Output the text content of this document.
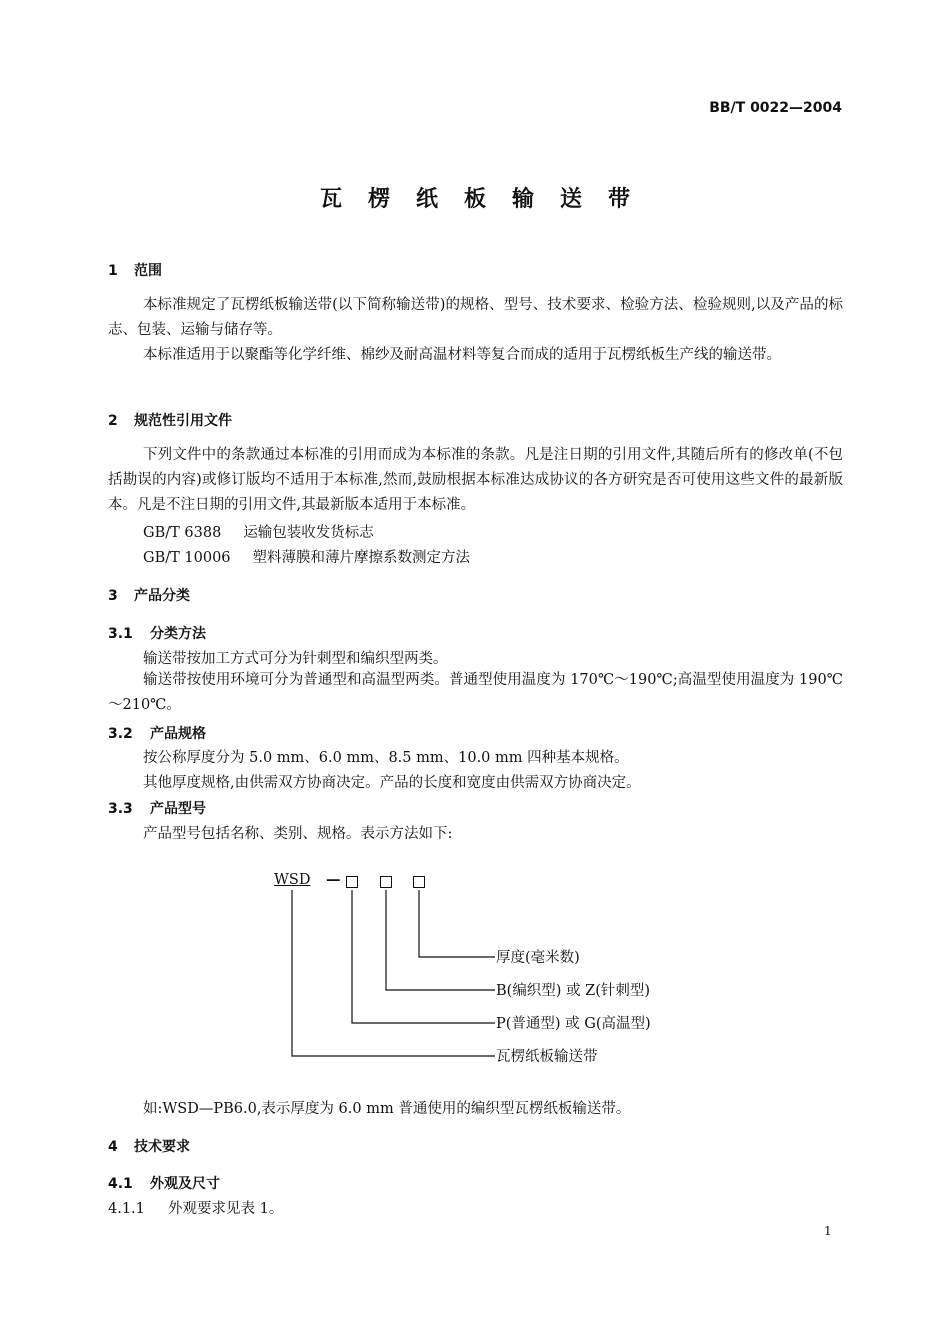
BB/T 0022—2004
瓦楞纸板输送带
1 范围
本标准规定了瓦楞纸板输送带(以下简称输送带)的规格、型号、技术要求、检验方法、检验规则,以及产品的标志、包装、运输与储存等。
本标准适用于以聚酯等化学纤维、棉纱及耐高温材料等复合而成的适用于瓦楞纸板生产线的输送带。
2 规范性引用文件
下列文件中的条款通过本标准的引用而成为本标准的条款。凡是注日期的引用文件,其随后所有的修改单(不包括勘误的内容)或修订版均不适用于本标准,然而,鼓励根据本标准达成协议的各方研究是否可使用这些文件的最新版本。凡是不注日期的引用文件,其最新版本适用于本标准。
GB/T 6388 运输包装收发货标志
GB/T 10006 塑料薄膜和薄片摩擦系数测定方法
3 产品分类
3.1 分类方法
输送带按加工方式可分为针刺型和编织型两类。
输送带按使用环境可分为普通型和高温型两类。普通型使用温度为 170℃～190℃;高温型使用温度为 190℃～210℃。
3.2 产品规格
按公称厚度分为 5.0 mm、6.0 mm、8.5 mm、10.0 mm 四种基本规格。
其他厚度规格,由供需双方协商决定。产品的长度和宽度由供需双方协商决定。
3.3 产品型号
产品型号包括名称、类别、规格。表示方法如下:
WSD —
厚度(毫米数)
B(编织型) 或 Z(针刺型)
P(普通型) 或 G(高温型)
瓦楞纸板输送带
如:WSD—PB6.0,表示厚度为 6.0 mm 普通使用的编织型瓦楞纸板输送带。
4 技术要求
4.1 外观及尺寸
4.1.1 外观要求见表 1。
1
